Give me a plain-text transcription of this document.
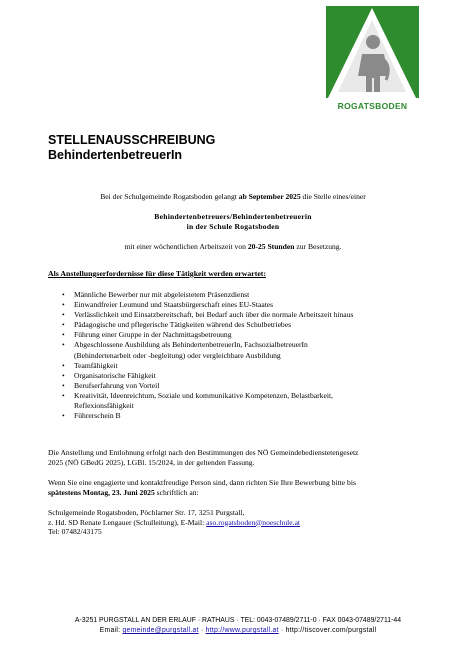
ROGATSBODEN
STELLENAUSSCHREIBUNG
BehindertenbetreuerIn
Bei der Schulgemeinde Rogatsboden gelangt ab September 2025 die Stelle eines/einer
Behindertenbetreuers/Behindertenbetreuerin
in der Schule Rogatsboden
mit einer wöchentlichen Arbeitszeit von 20-25 Stunden zur Besetzung.
Als Anstellungserfordernisse für diese Tätigkeit werden erwartet:
• Männliche Bewerber nur mit abgeleistetem Präsenzdienst
• Einwandfreier Leumund und Staatsbürgerschaft eines EU-Staates
• Verlässlichkeit und Einsatzbereitschaft, bei Bedarf auch über die normale Arbeitszeit hinaus
• Pädagogische und pflegerische Tätigkeiten während des Schulbetriebes
• Führung einer Gruppe in der Nachmittagsbetreuung
• Abgeschlossene Ausbildung als BehindertenbetreuerIn, FachsozialbetreuerIn
(Behindertenarbeit oder -begleitung) oder vergleichbare Ausbildung
• Teamfähigkeit
• Organisatorische Fähigkeit
• Berufserfahrung von Vorteil
• Kreativität, Ideenreichtum, Soziale und kommunikative Kompetenzen, Belastbarkeit,
Reflexionsfähigkeit
• Führerschein B
Die Anstellung und Entlohnung erfolgt nach den Bestimmungen des NÖ Gemeindebedienstetengesetz
2025 (NÖ GBedG 2025), LGBl. 15/2024, in der geltenden Fassung.
Wenn Sie eine engagierte und kontaktfreudige Person sind, dann richten Sie Ihre Bewerbung bitte bis
spätestens Montag, 23. Juni 2025 schriftlich an:
Schulgemeinde Rogatsboden, Pöchlarner Str. 17, 3251 Purgstall,
z. Hd. SD Renate Lengauer (Schulleitung), E-Mail: aso.rogatsboden@noeschule.at
Tel: 07482/43175
A-3251 PURGSTALL AN DER ERLAUF · RATHAUS · TEL: 0043-07489/2711-0 · FAX 0043-07489/2711-44
Email: gemeinde@purgstall.at · http://www.purgstall.at · http://tiscover.com/purgstall
